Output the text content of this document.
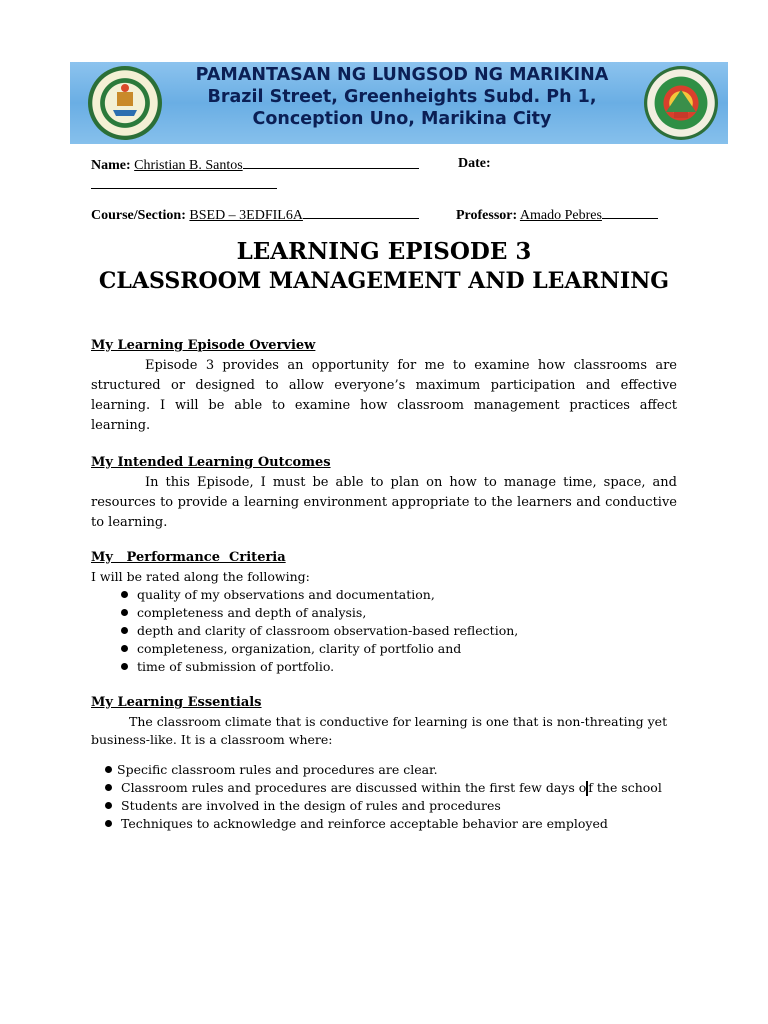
PAMANTASAN NG LUNGSOD NG MARIKINA
Brazil Street, Greenheights Subd. Ph 1,
Conception Uno, Marikina City
Name: Christian B. Santos	Date:
Course/Section: BSED – 3EDFIL6A	Professor: Amado Pebres
LEARNING EPISODE 3
CLASSROOM MANAGEMENT AND LEARNING
My Learning Episode Overview
Episode 3 provides an opportunity for me to examine how classrooms are structured or designed to allow everyone’s maximum participation and effective learning. I will be able to examine how classroom management practices affect learning.
My Intended Learning Outcomes
In this Episode, I must be able to plan on how to manage time, space, and resources to provide a learning environment appropriate to the learners and conductive to learning.
My   Performance  Criteria
I will be rated along the following:
quality of my observations and documentation,
completeness and depth of analysis,
depth and clarity of classroom observation-based reflection,
completeness, organization, clarity of portfolio and
time of submission of portfolio.
My Learning Essentials
The classroom climate that is conductive for learning is one that is non-threating yet business-like. It is a classroom where:
Specific classroom rules and procedures are clear.
Classroom rules and procedures are discussed within the first few days o f the school
Students are involved in the design of rules and procedures
Techniques to acknowledge and reinforce acceptable behavior are employed
